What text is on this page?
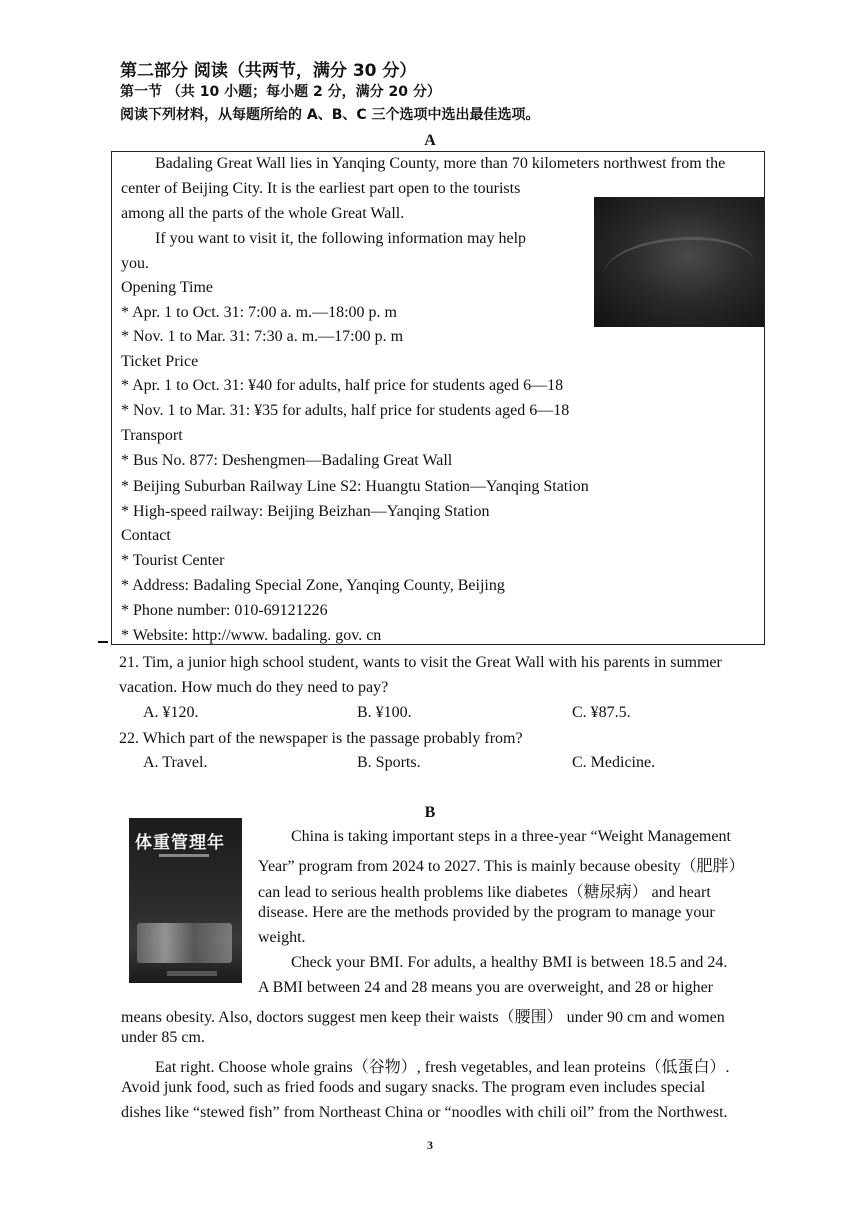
第二部分 阅读（共两节，满分 30 分）
第一节 （共 10 小题；每小题 2 分，满分 20 分）
阅读下列材料，从每题所给的 A、B、C 三个选项中选出最佳选项。
A
Badaling Great Wall lies in Yanqing County, more than 70 kilometers northwest from the
center of Beijing City. It is the earliest part open to the tourists
among all the parts of the whole Great Wall.
If you want to visit it, the following information may help
you.
Opening Time
* Apr. 1 to Oct. 31: 7:00 a. m.—18:00 p. m
* Nov. 1 to Mar. 31: 7:30 a. m.—17:00 p. m
Ticket Price
* Apr. 1 to Oct. 31: ¥40 for adults, half price for students aged 6—18
* Nov. 1 to Mar. 31: ¥35 for adults, half price for students aged 6—18
Transport
* Bus No. 877: Deshengmen—Badaling Great Wall
* Beijing Suburban Railway Line S2: Huangtu Station—Yanqing Station
* High-speed railway: Beijing Beizhan—Yanqing Station
Contact
* Tourist Center
* Address: Badaling Special Zone, Yanqing County, Beijing
* Phone number: 010-69121226
* Website: http://www. badaling. gov. cn
21. Tim, a junior high school student, wants to visit the Great Wall with his parents in summer
vacation. How much do they need to pay?
A. ¥120.	B. ¥100.	C. ¥87.5.
22. Which part of the newspaper is the passage probably from?
A. Travel.	B. Sports.	C. Medicine.
B
体重管理年	China is taking important steps in a three-year “Weight Management
Year” program from 2024 to 2027. This is mainly because obesity（肥胖）
can lead to serious health problems like diabetes（糖尿病） and heart
disease. Here are the methods provided by the program to manage your
weight.
Check your BMI. For adults, a healthy BMI is between 18.5 and 24.
A BMI between 24 and 28 means you are overweight, and 28 or higher
means obesity. Also, doctors suggest men keep their waists（腰围） under 90 cm and women
under 85 cm.
Eat right. Choose whole grains（谷物）, fresh vegetables, and lean proteins（低蛋白）.
Avoid junk food, such as fried foods and sugary snacks. The program even includes special
dishes like “stewed fish” from Northeast China or “noodles with chili oil” from the Northwest.
3
